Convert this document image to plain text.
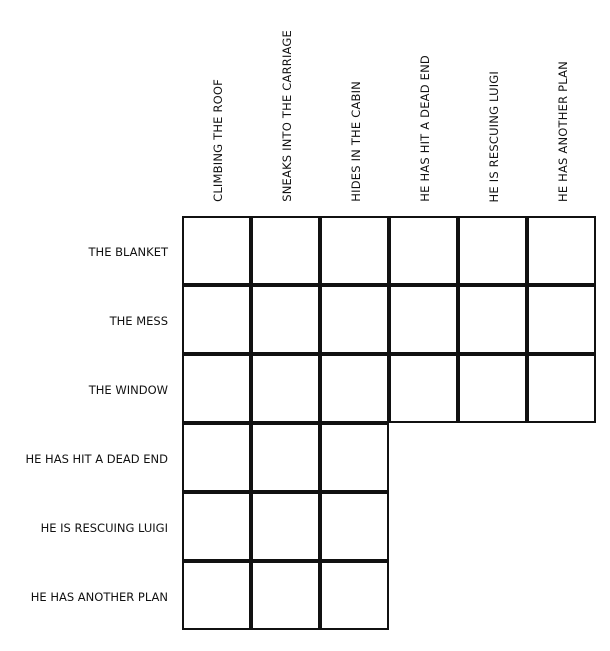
CLIMBING THE ROOF	SNEAKS INTO THE CARRIAGE	HIDES IN THE CABIN	HE HAS HIT A DEAD END	HE IS RESCUING LUIGI	HE HAS ANOTHER PLAN
THE BLANKET
THE MESS
THE WINDOW
HE HAS HIT A DEAD END
HE IS RESCUING LUIGI
HE HAS ANOTHER PLAN
